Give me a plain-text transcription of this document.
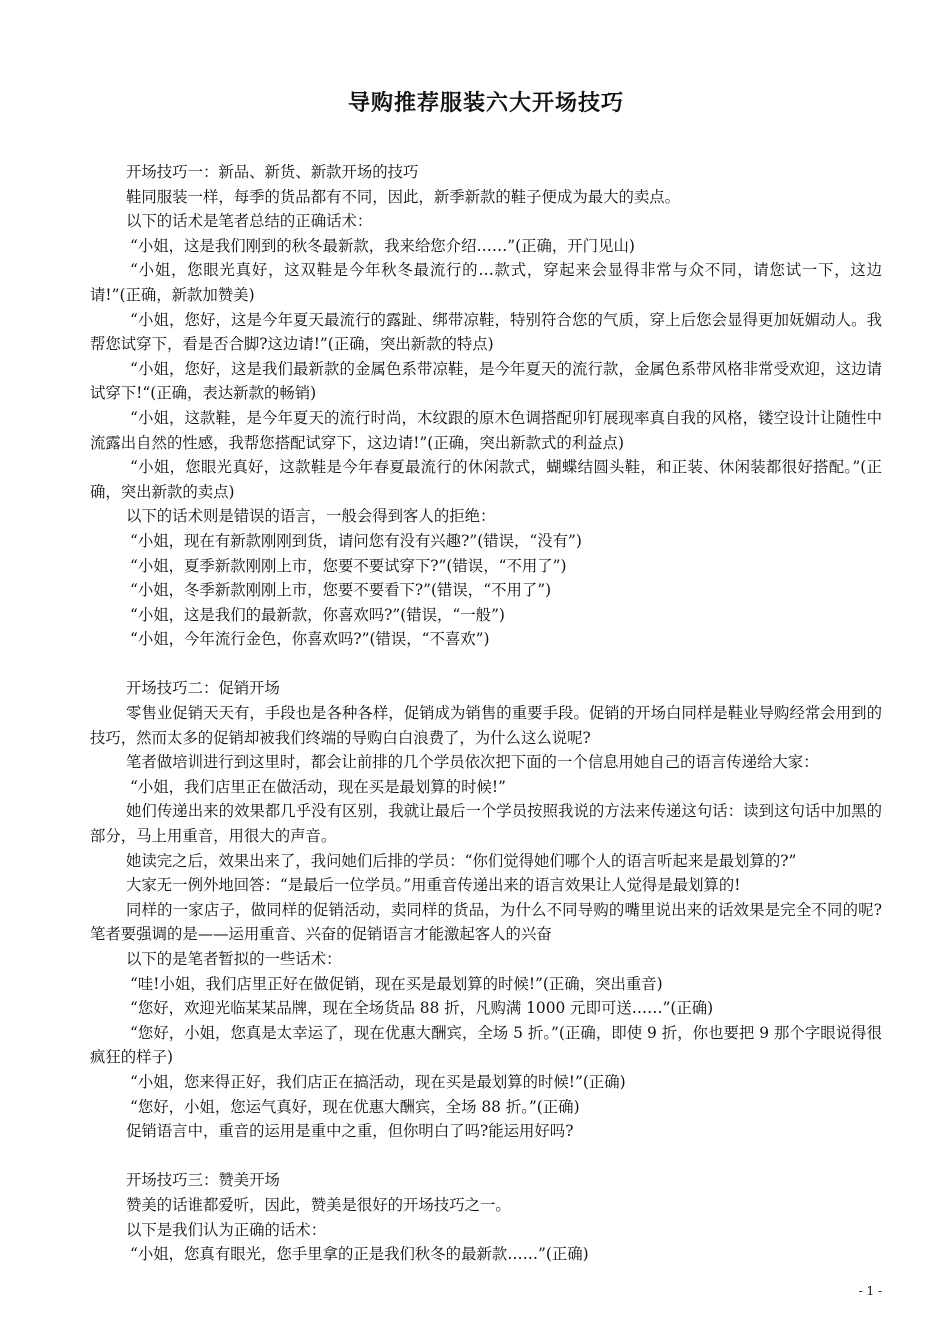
导购推荐服装六大开场技巧

开场技巧一：新品、新货、新款开场的技巧

鞋同服装一样，每季的货品都有不同，因此，新季新款的鞋子便成为最大的卖点。

以下的话术是笔者总结的正确话术：

“小姐，这是我们刚到的秋冬最新款，我来给您介绍……”(正确，开门见山)

“小姐，您眼光真好，这双鞋是今年秋冬最流行的…款式，穿起来会显得非常与众不同，请您试一下，这边请!”(正确，新款加赞美)

“小姐，您好，这是今年夏天最流行的露趾、绑带凉鞋，特别符合您的气质，穿上后您会显得更加妩媚动人。我帮您试穿下，看是否合脚?这边请!”(正确，突出新款的特点)

“小姐，您好，这是我们最新款的金属色系带凉鞋，是今年夏天的流行款，金属色系带风格非常受欢迎，这边请试穿下!“(正确，表达新款的畅销)

“小姐，这款鞋，是今年夏天的流行时尚，木纹跟的原木色调搭配卯钉展现率真自我的风格，镂空设计让随性中流露出自然的性感，我帮您搭配试穿下，这边请!”(正确，突出新款式的利益点)

“小姐，您眼光真好，这款鞋是今年春夏最流行的休闲款式，蝴蝶结圆头鞋，和正装、休闲装都很好搭配。”(正确，突出新款的卖点)

以下的话术则是错误的语言，一般会得到客人的拒绝：

“小姐，现在有新款刚刚到货，请问您有没有兴趣?”(错误，“没有”)

“小姐，夏季新款刚刚上市，您要不要试穿下?”(错误，“不用了”)

“小姐，冬季新款刚刚上市，您要不要看下?”(错误，“不用了”)

“小姐，这是我们的最新款，你喜欢吗?”(错误，“一般”)

“小姐，今年流行金色，你喜欢吗?”(错误，“不喜欢”)

开场技巧二：促销开场

零售业促销天天有，手段也是各种各样，促销成为销售的重要手段。促销的开场白同样是鞋业导购经常会用到的技巧，然而太多的促销却被我们终端的导购白白浪费了，为什么这么说呢?

笔者做培训进行到这里时，都会让前排的几个学员依次把下面的一个信息用她自己的语言传递给大家：

“小姐，我们店里正在做活动，现在买是最划算的时候!”

她们传递出来的效果都几乎没有区别，我就让最后一个学员按照我说的方法来传递这句话：读到这句话中加黑的部分，马上用重音，用很大的声音。

她读完之后，效果出来了，我问她们后排的学员：“你们觉得她们哪个人的语言听起来是最划算的?”

大家无一例外地回答：“是最后一位学员。”用重音传递出来的语言效果让人觉得是最划算的!

同样的一家店子，做同样的促销活动，卖同样的货品，为什么不同导购的嘴里说出来的话效果是完全不同的呢?笔者要强调的是——运用重音、兴奋的促销语言才能激起客人的兴奋

以下的是笔者暂拟的一些话术：

“哇!小姐，我们店里正好在做促销，现在买是最划算的时候!”(正确，突出重音)

“您好，欢迎光临某某品牌，现在全场货品 88 折，凡购满 1000 元即可送……”(正确)

“您好，小姐，您真是太幸运了，现在优惠大酬宾，全场 5 折。”(正确，即使 9 折，你也要把 9 那个字眼说得很疯狂的样子)

“小姐，您来得正好，我们店正在搞活动，现在买是最划算的时候!”(正确)

“您好，小姐，您运气真好，现在优惠大酬宾，全场 88 折。”(正确)

促销语言中，重音的运用是重中之重，但你明白了吗?能运用好吗?

开场技巧三：赞美开场

赞美的话谁都爱听，因此，赞美是很好的开场技巧之一。

以下是我们认为正确的话术：

“小姐，您真有眼光，您手里拿的正是我们秋冬的最新款……”(正确)

- 1 -
